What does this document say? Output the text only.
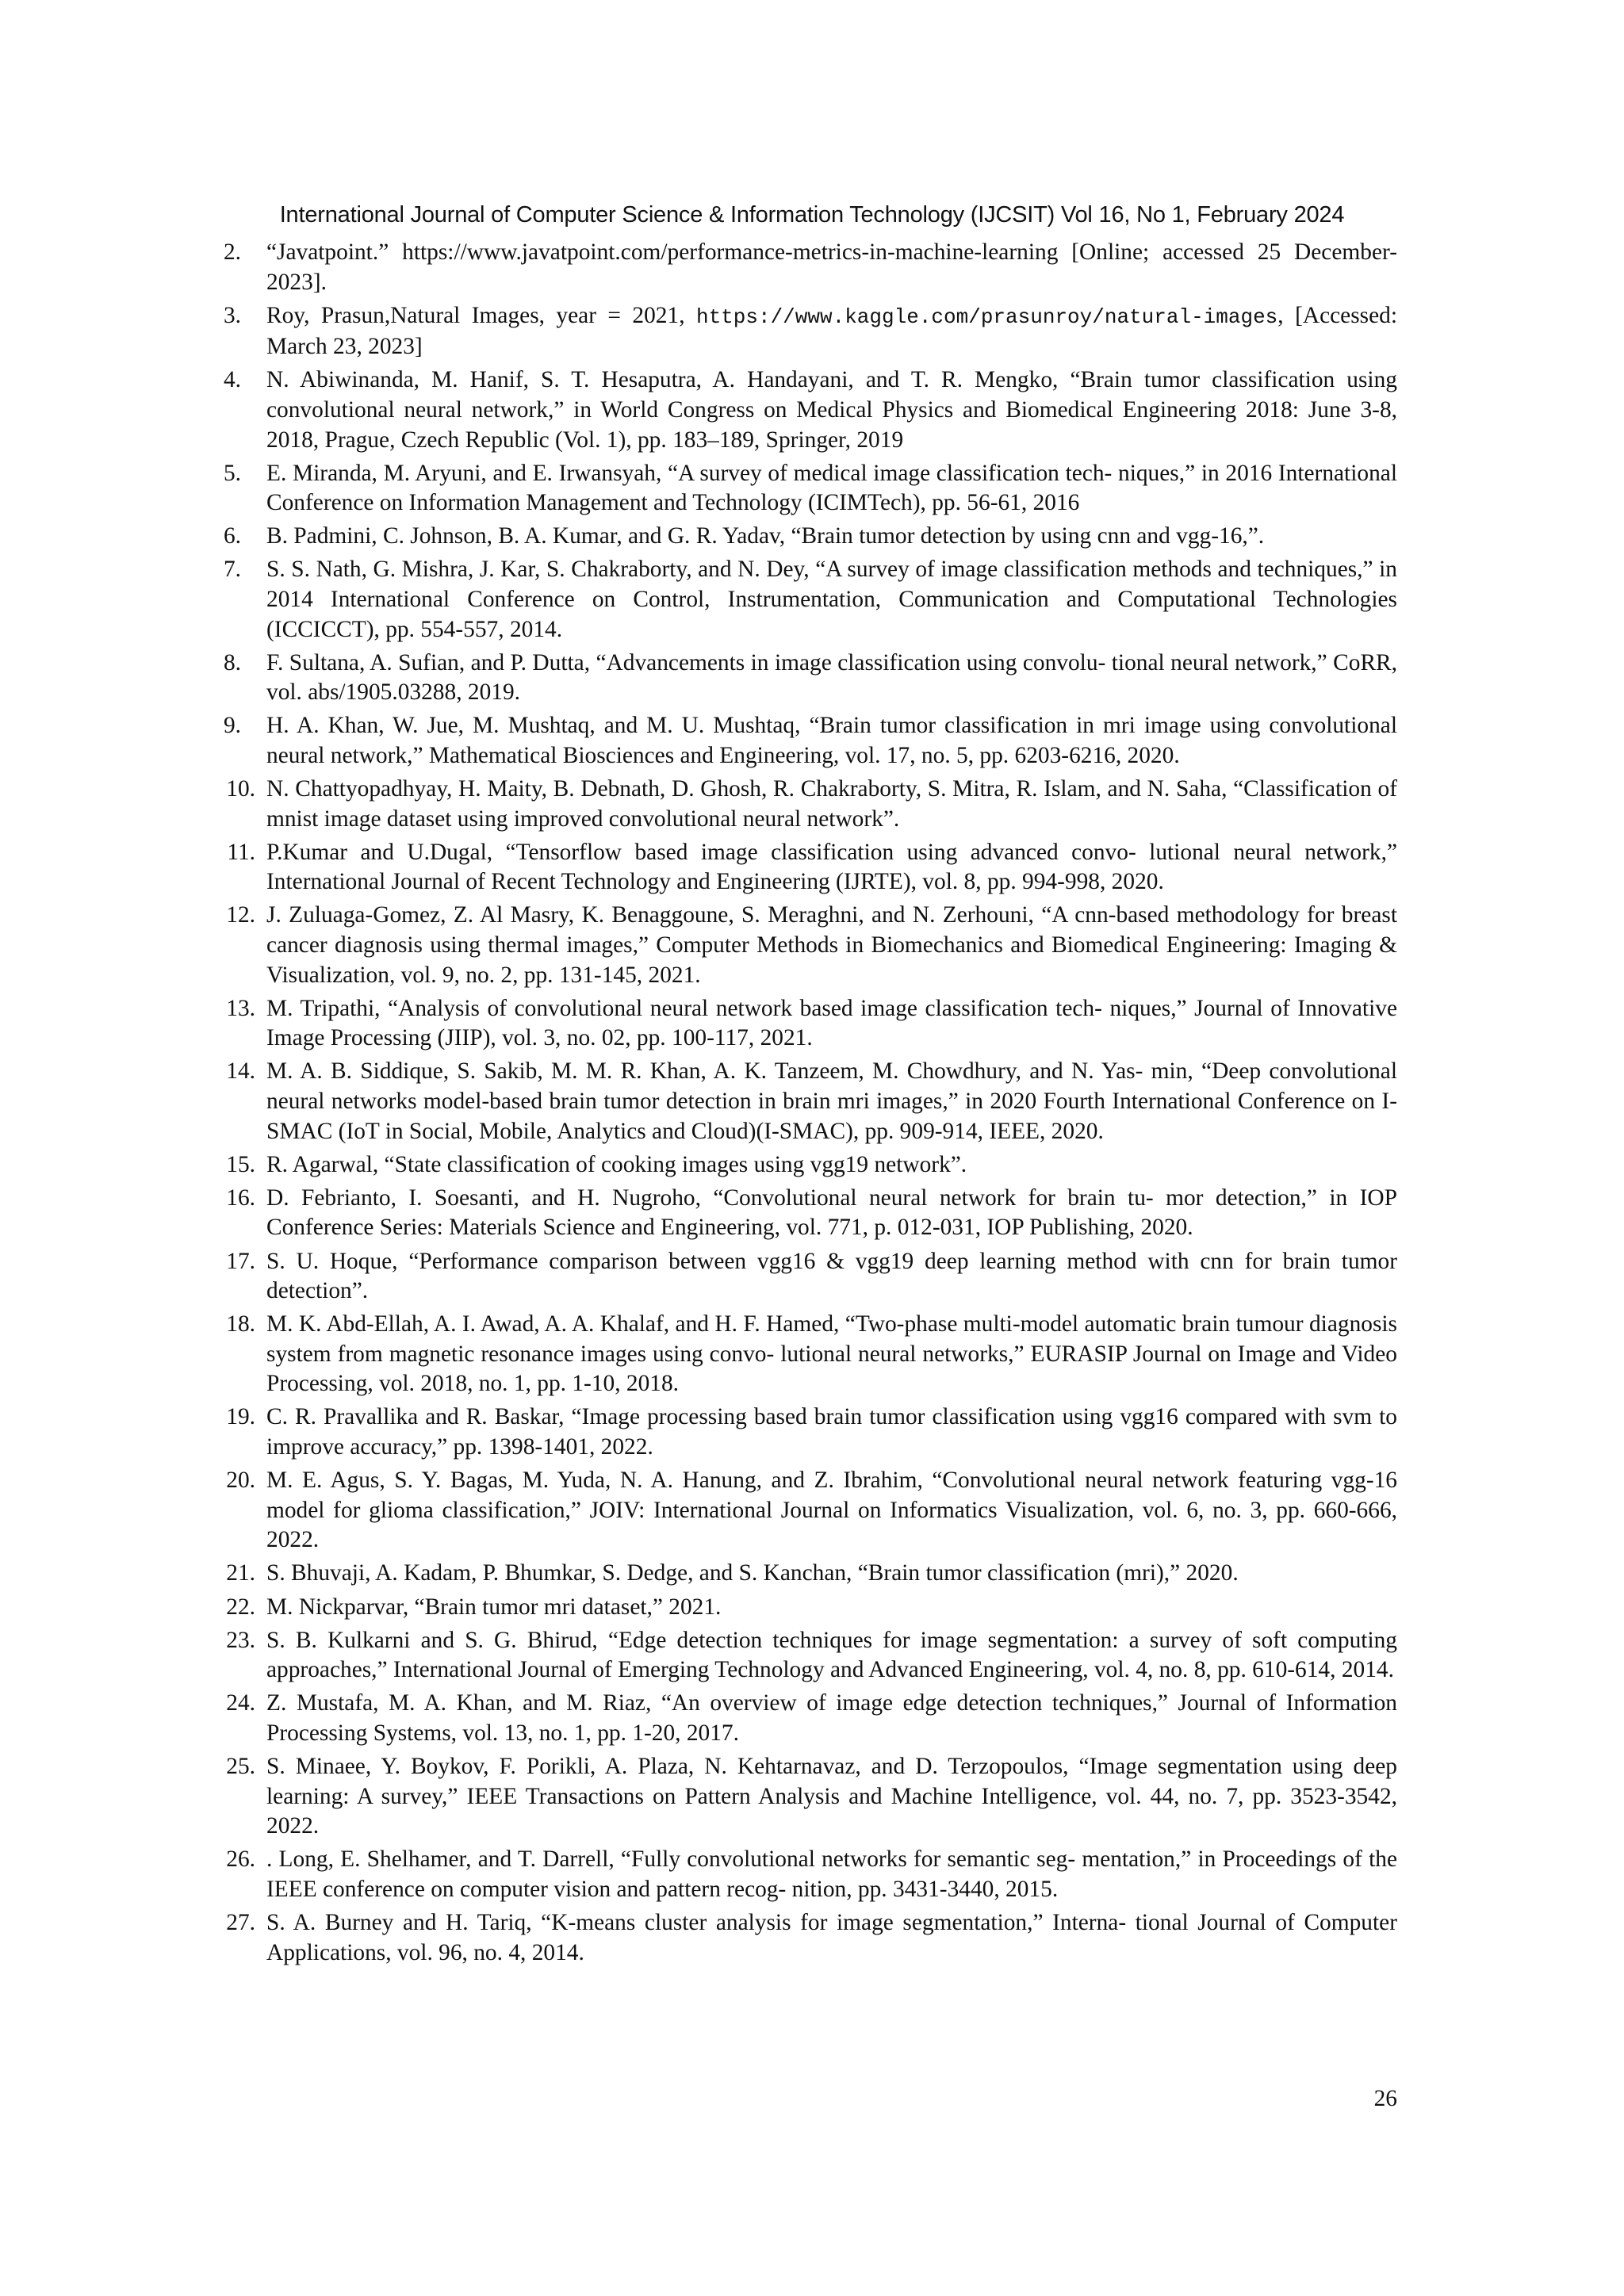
International Journal of Computer Science & Information Technology (IJCSIT) Vol 16, No 1, February 2024
2. “Javatpoint.” https://www.javatpoint.com/performance-metrics-in-machine-learning [Online; accessed 25 December-2023].
3. Roy, Prasun,Natural Images, year = 2021, https://www.kaggle.com/prasunroy/natural-images, [Accessed: March 23, 2023]
4. N. Abiwinanda, M. Hanif, S. T. Hesaputra, A. Handayani, and T. R. Mengko, “Brain tumor classification using convolutional neural network,” in World Congress on Medical Physics and Biomedical Engineering 2018: June 3-8, 2018, Prague, Czech Republic (Vol. 1), pp. 183–189, Springer, 2019
5. E. Miranda, M. Aryuni, and E. Irwansyah, “A survey of medical image classification tech- niques,” in 2016 International Conference on Information Management and Technology (ICIMTech), pp. 56-61, 2016
6. B. Padmini, C. Johnson, B. A. Kumar, and G. R. Yadav, “Brain tumor detection by using cnn and vgg-16,”.
7. S. S. Nath, G. Mishra, J. Kar, S. Chakraborty, and N. Dey, “A survey of image classification methods and techniques,” in 2014 International Conference on Control, Instrumentation, Communication and Computational Technologies (ICCICCT), pp. 554-557, 2014.
8. F. Sultana, A. Sufian, and P. Dutta, “Advancements in image classification using convolu- tional neural network,” CoRR, vol. abs/1905.03288, 2019.
9. H. A. Khan, W. Jue, M. Mushtaq, and M. U. Mushtaq, “Brain tumor classification in mri image using convolutional neural network,” Mathematical Biosciences and Engineering, vol. 17, no. 5, pp. 6203-6216, 2020.
10. N. Chattyopadhyay, H. Maity, B. Debnath, D. Ghosh, R. Chakraborty, S. Mitra, R. Islam, and N. Saha, “Classification of mnist image dataset using improved convolutional neural network”.
11. P.Kumar and U.Dugal, “Tensorflow based image classification using advanced convo- lutional neural network,” International Journal of Recent Technology and Engineering (IJRTE), vol. 8, pp. 994-998, 2020.
12. J. Zuluaga-Gomez, Z. Al Masry, K. Benaggoune, S. Meraghni, and N. Zerhouni, “A cnn-based methodology for breast cancer diagnosis using thermal images,” Computer Methods in Biomechanics and Biomedical Engineering: Imaging & Visualization, vol. 9, no. 2, pp. 131-145, 2021.
13. M. Tripathi, “Analysis of convolutional neural network based image classification tech- niques,” Journal of Innovative Image Processing (JIIP), vol. 3, no. 02, pp. 100-117, 2021.
14. M. A. B. Siddique, S. Sakib, M. M. R. Khan, A. K. Tanzeem, M. Chowdhury, and N. Yas- min, “Deep convolutional neural networks model-based brain tumor detection in brain mri images,” in 2020 Fourth International Conference on I-SMAC (IoT in Social, Mobile, Analytics and Cloud)(I-SMAC), pp. 909-914, IEEE, 2020.
15. R. Agarwal, “State classification of cooking images using vgg19 network”.
16. D. Febrianto, I. Soesanti, and H. Nugroho, “Convolutional neural network for brain tu- mor detection,” in IOP Conference Series: Materials Science and Engineering, vol. 771, p. 012-031, IOP Publishing, 2020.
17. S. U. Hoque, “Performance comparison between vgg16 & vgg19 deep learning method with cnn for brain tumor detection”.
18. M. K. Abd-Ellah, A. I. Awad, A. A. Khalaf, and H. F. Hamed, “Two-phase multi-model automatic brain tumour diagnosis system from magnetic resonance images using convo- lutional neural networks,” EURASIP Journal on Image and Video Processing, vol. 2018, no. 1, pp. 1-10, 2018.
19. C. R. Pravallika and R. Baskar, “Image processing based brain tumor classification using vgg16 compared with svm to improve accuracy,” pp. 1398-1401, 2022.
20. M. E. Agus, S. Y. Bagas, M. Yuda, N. A. Hanung, and Z. Ibrahim, “Convolutional neural network featuring vgg-16 model for glioma classification,” JOIV: International Journal on Informatics Visualization, vol. 6, no. 3, pp. 660-666, 2022.
21. S. Bhuvaji, A. Kadam, P. Bhumkar, S. Dedge, and S. Kanchan, “Brain tumor classification (mri),” 2020.
22. M. Nickparvar, “Brain tumor mri dataset,” 2021.
23. S. B. Kulkarni and S. G. Bhirud, “Edge detection techniques for image segmentation: a survey of soft computing approaches,” International Journal of Emerging Technology and Advanced Engineering, vol. 4, no. 8, pp. 610-614, 2014.
24. Z. Mustafa, M. A. Khan, and M. Riaz, “An overview of image edge detection techniques,” Journal of Information Processing Systems, vol. 13, no. 1, pp. 1-20, 2017.
25. S. Minaee, Y. Boykov, F. Porikli, A. Plaza, N. Kehtarnavaz, and D. Terzopoulos, “Image segmentation using deep learning: A survey,” IEEE Transactions on Pattern Analysis and Machine Intelligence, vol. 44, no. 7, pp. 3523-3542, 2022.
26. . Long, E. Shelhamer, and T. Darrell, “Fully convolutional networks for semantic seg- mentation,” in Proceedings of the IEEE conference on computer vision and pattern recog- nition, pp. 3431-3440, 2015.
27. S. A. Burney and H. Tariq, “K-means cluster analysis for image segmentation,” Interna- tional Journal of Computer Applications, vol. 96, no. 4, 2014.
26
